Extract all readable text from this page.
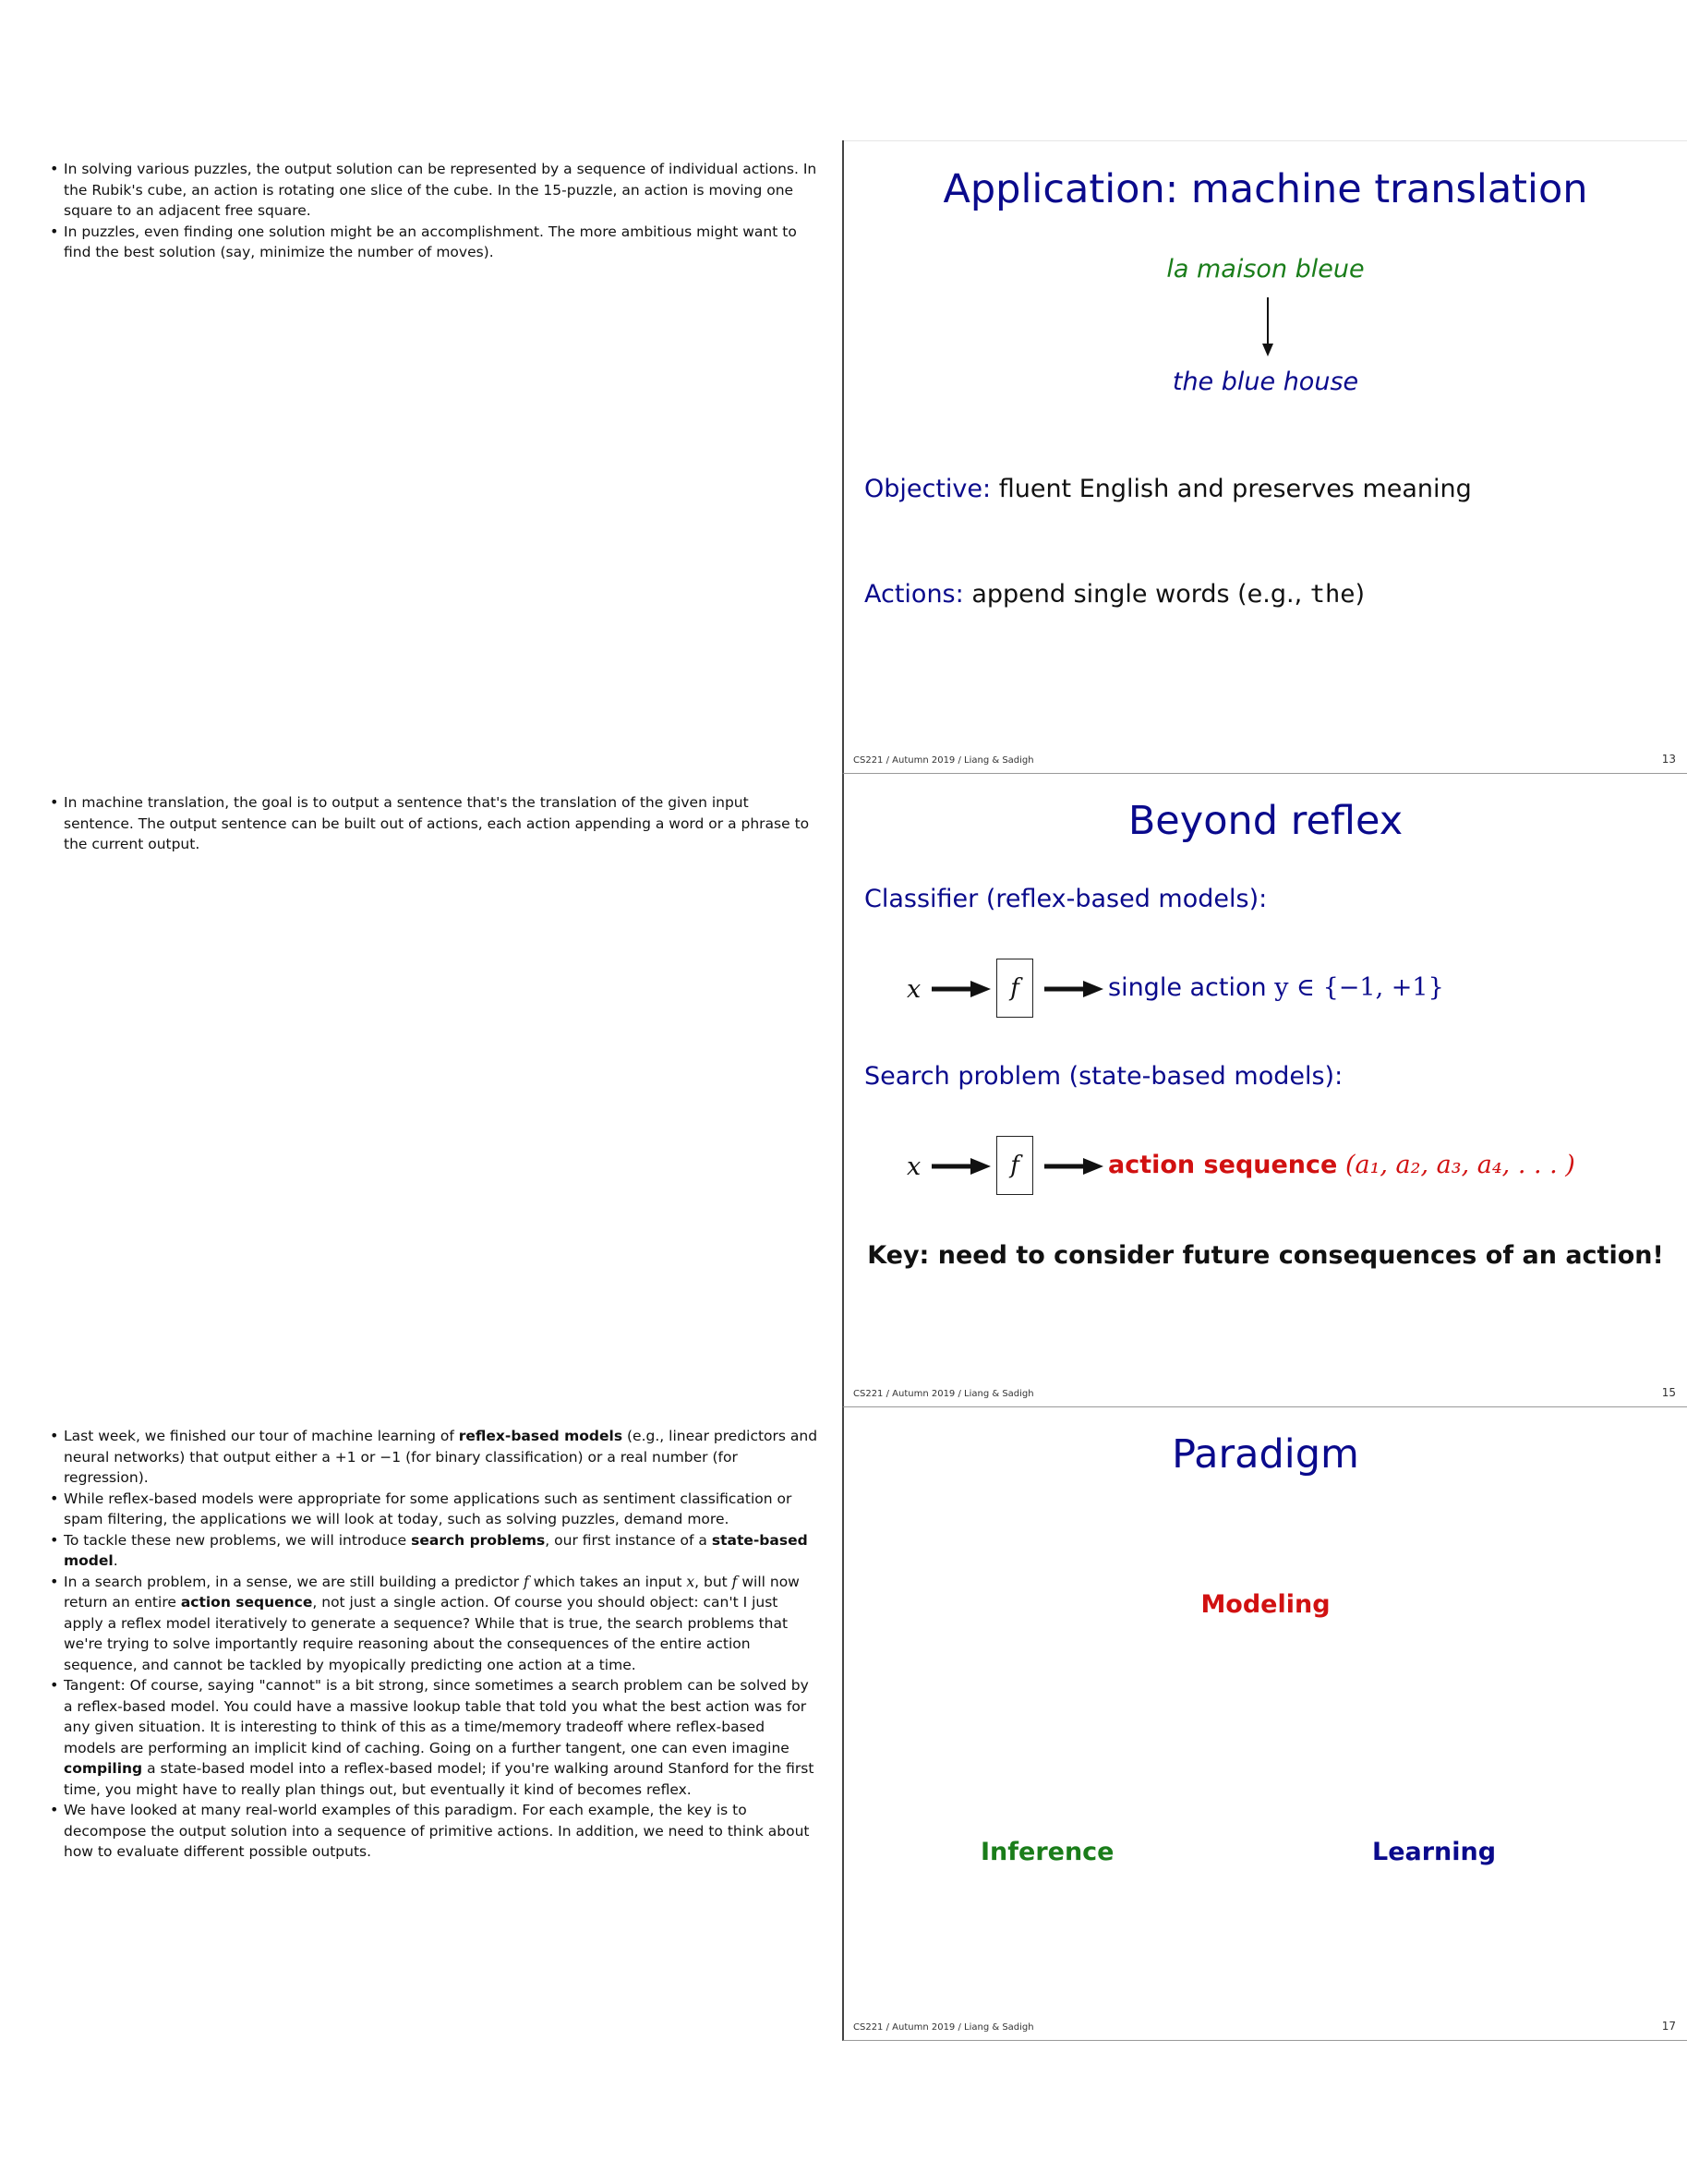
• In solving various puzzles, the output solution can be represented by a sequence of individual actions. In the Rubik's cube, an action is rotating one slice of the cube. In the 15-puzzle, an action is moving one square to an adjacent free square.
• In puzzles, even finding one solution might be an accomplishment. The more ambitious might want to find the best solution (say, minimize the number of moves).
Application: machine translation
la maison bleue
the blue house
Objective: fluent English and preserves meaning
Actions: append single words (e.g., the)
CS221 / Autumn 2019 / Liang & Sadigh	13
• In machine translation, the goal is to output a sentence that's the translation of the given input sentence. The output sentence can be built out of actions, each action appending a word or a phrase to the current output.	Beyond reflex
Classifier (reflex-based models):
x	f	single action y ∈ {−1, +1}
Search problem (state-based models):
x	f	action sequence (a₁, a₂, a₃, a₄, . . . )
Key: need to consider future consequences of an action!
CS221 / Autumn 2019 / Liang & Sadigh	15
• Last week, we finished our tour of machine learning of reflex-based models (e.g., linear predictors and neural networks) that output either a +1 or −1 (for binary classification) or a real number (for regression).
• While reflex-based models were appropriate for some applications such as sentiment classification or spam filtering, the applications we will look at today, such as solving puzzles, demand more.
• To tackle these new problems, we will introduce search problems, our first instance of a state-based model.
• In a search problem, in a sense, we are still building a predictor f which takes an input x, but f will now return an entire action sequence, not just a single action. Of course you should object: can't I just apply a reflex model iteratively to generate a sequence? While that is true, the search problems that we're trying to solve importantly require reasoning about the consequences of the entire action sequence, and cannot be tackled by myopically predicting one action at a time.
• Tangent: Of course, saying "cannot" is a bit strong, since sometimes a search problem can be solved by a reflex-based model. You could have a massive lookup table that told you what the best action was for any given situation. It is interesting to think of this as a time/memory tradeoff where reflex-based models are performing an implicit kind of caching. Going on a further tangent, one can even imagine compiling a state-based model into a reflex-based model; if you're walking around Stanford for the first time, you might have to really plan things out, but eventually it kind of becomes reflex.
• We have looked at many real-world examples of this paradigm. For each example, the key is to decompose the output solution into a sequence of primitive actions. In addition, we need to think about how to evaluate different possible outputs.
Paradigm
Modeling
Inference	Learning
CS221 / Autumn 2019 / Liang & Sadigh	17
